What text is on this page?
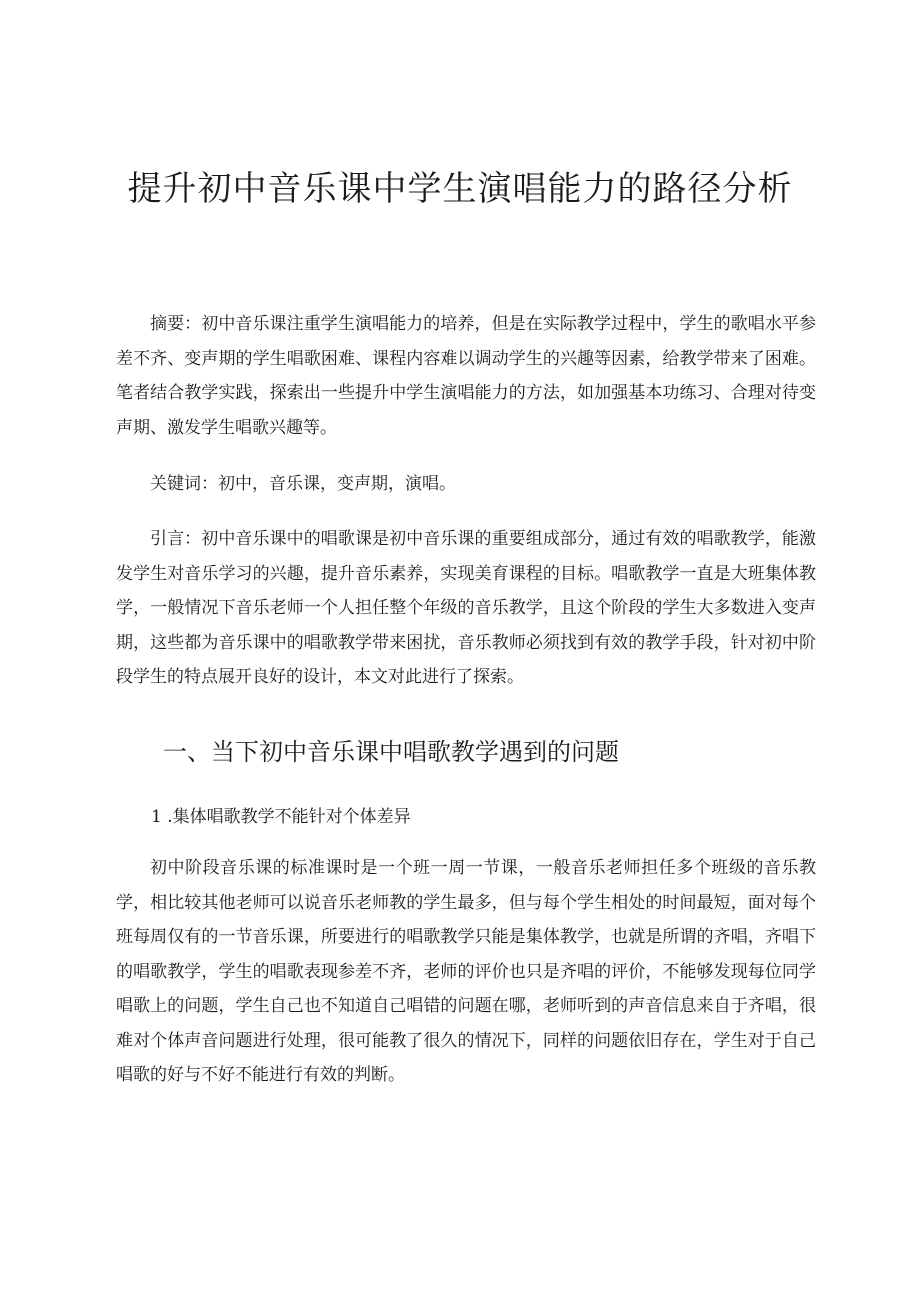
提升初中音乐课中学生演唱能力的路径分析

摘要：初中音乐课注重学生演唱能力的培养，但是在实际教学过程中，学生的歌唱水平参差不齐、变声期的学生唱歌困难、课程内容难以调动学生的兴趣等因素，给教学带来了困难。笔者结合教学实践，探索出一些提升中学生演唱能力的方法，如加强基本功练习、合理对待变声期、激发学生唱歌兴趣等。

关键词：初中，音乐课，变声期，演唱。

引言：初中音乐课中的唱歌课是初中音乐课的重要组成部分，通过有效的唱歌教学，能激发学生对音乐学习的兴趣，提升音乐素养，实现美育课程的目标。唱歌教学一直是大班集体教学，一般情况下音乐老师一个人担任整个年级的音乐教学，且这个阶段的学生大多数进入变声期，这些都为音乐课中的唱歌教学带来困扰，音乐教师必须找到有效的教学手段，针对初中阶段学生的特点展开良好的设计，本文对此进行了探索。

一、当下初中音乐课中唱歌教学遇到的问题
1 .集体唱歌教学不能针对个体差异

初中阶段音乐课的标准课时是一个班一周一节课，一般音乐老师担任多个班级的音乐教学，相比较其他老师可以说音乐老师教的学生最多，但与每个学生相处的时间最短，面对每个班每周仅有的一节音乐课，所要进行的唱歌教学只能是集体教学，也就是所谓的齐唱，齐唱下的唱歌教学，学生的唱歌表现参差不齐，老师的评价也只是齐唱的评价，不能够发现每位同学唱歌上的问题，学生自己也不知道自己唱错的问题在哪，老师听到的声音信息来自于齐唱，很难对个体声音问题进行处理，很可能教了很久的情况下，同样的问题依旧存在，学生对于自己唱歌的好与不好不能进行有效的判断。
